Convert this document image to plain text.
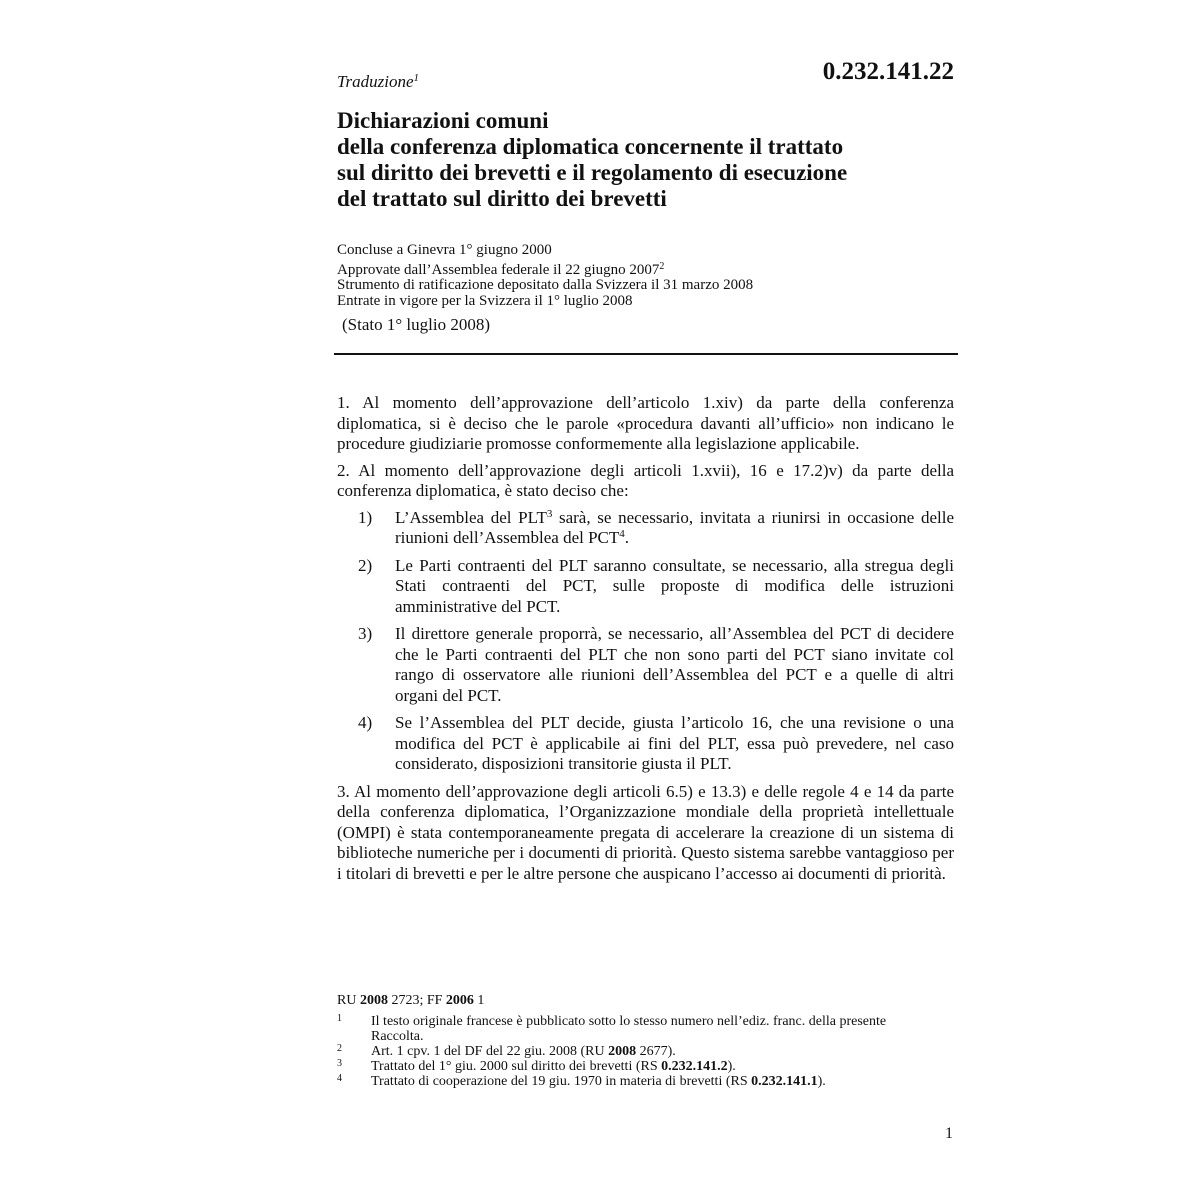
Traduzione$^1$	0.232.141.22
Dichiarazioni comuni
della conferenza diplomatica concernente il trattato
sul diritto dei brevetti e il regolamento di esecuzione
del trattato sul diritto dei brevetti
Concluse a Ginevra 1° giugno 2000
Approvate dall’Assemblea federale il 22 giugno 2007$^2$
Strumento di ratificazione depositato dalla Svizzera il 31 marzo 2008
Entrate in vigore per la Svizzera il 1° luglio 2008
(Stato 1° luglio 2008)

1. Al momento dell’approvazione dell’articolo 1.xiv) da parte della conferenza diplomatica, si è deciso che le parole «procedura davanti all’ufficio» non indicano le procedure giudiziarie promosse conformemente alla legislazione applicabile.

2. Al momento dell’approvazione degli articoli 1.xvii), 16 e 17.2)v) da parte della conferenza diplomatica, è stato deciso che:

1) L’Assemblea del PLT$^3$ sarà, se necessario, invitata a riunirsi in occasione delle riunioni dell’Assemblea del PCT$^4$.
2) Le Parti contraenti del PLT saranno consultate, se necessario, alla stregua degli Stati contraenti del PCT, sulle proposte di modifica delle istruzioni amministrative del PCT.
3) Il direttore generale proporrà, se necessario, all’Assemblea del PCT di decidere che le Parti contraenti del PLT che non sono parti del PCT siano invitate col rango di osservatore alle riunioni dell’Assemblea del PCT e a quelle di altri organi del PCT.
4) Se l’Assemblea del PLT decide, giusta l’articolo 16, che una revisione o una modifica del PCT è applicabile ai fini del PLT, essa può prevedere, nel caso considerato, disposizioni transitorie giusta il PLT.

3. Al momento dell’approvazione degli articoli 6.5) e 13.3) e delle regole 4 e 14 da parte della conferenza diplomatica, l’Organizzazione mondiale della proprietà intellettuale (OMPI) è stata contemporaneamente pregata di accelerare la creazione di un sistema di biblioteche numeriche per i documenti di priorità. Questo sistema sarebbe vantaggioso per i titolari di brevetti e per le altre persone che auspicano l’accesso ai documenti di priorità.

RU 2008 2723; FF 2006 1
1 Il testo originale francese è pubblicato sotto lo stesso numero nell’ediz. franc. della presente Raccolta.
2 Art. 1 cpv. 1 del DF del 22 giu. 2008 (RU 2008 2677).
3 Trattato del 1° giu. 2000 sul diritto dei brevetti (RS 0.232.141.2).
4 Trattato di cooperazione del 19 giu. 1970 in materia di brevetti (RS 0.232.141.1).
1
